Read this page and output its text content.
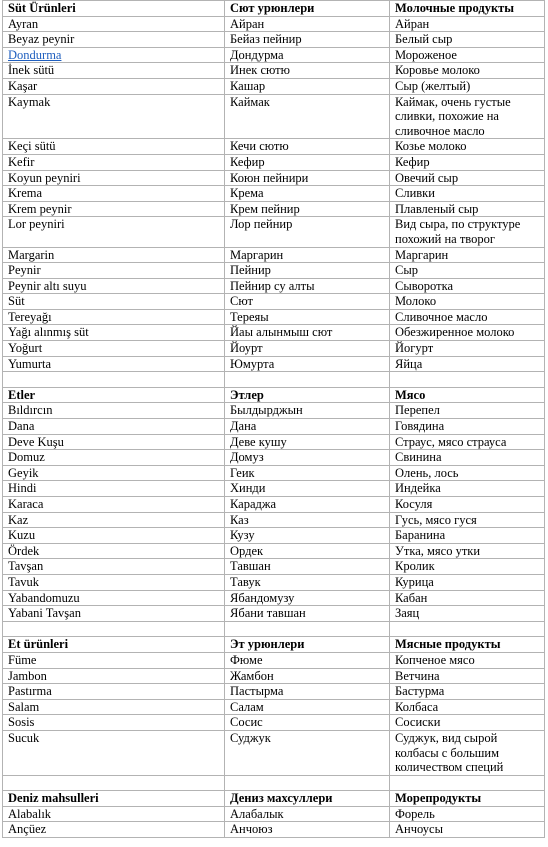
Süt Ürünleri	Сют урюнлери	Молочные продукты
Ayran	Айран	Айран
Beyaz peynir	Бейаз пейнир	Белый сыр
Dondurma	Дондурма	Мороженое
İnek sütü	Инек сютю	Коровье молоко
Kaşar	Кашар	Сыр (желтый)
Kaymak	Каймак	Каймак, очень густые сливки, похожие на сливочное масло
Keçi sütü	Кечи сютю	Козье молоко
Kefir	Кефир	Кефир
Koyun peyniri	Коюн пейнири	Овечий сыр
Krema	Крема	Сливки
Krem peynir	Крем пейнир	Плавленый сыр
Lor peyniri	Лор пейнир	Вид сыра, по структуре похожий на творог
Margarin	Маргарин	Маргарин
Peynir	Пейнир	Сыр
Peynir altı suyu	Пейнир су алты	Сыворотка
Süt	Сют	Молоко
Tereyağı	Тереяы	Сливочное масло
Yağı alınmış süt	Йаы алынмыш сют	Обезжиренное молоко
Yoğurt	Йоурт	Йогурт
Yumurta	Юмурта	Яйца

Etler	Этлер	Мясо
Bıldırcın	Былдырджын	Перепел
Dana	Дана	Говядина
Deve Kuşu	Деве кушу	Страус, мясо страуса
Domuz	Домуз	Свинина
Geyik	Геик	Олень, лось
Hindi	Хинди	Индейка
Karaca	Караджа	Косуля
Kaz	Каз	Гусь, мясо гуся
Kuzu	Кузу	Баранина
Ördek	Ордек	Утка, мясо утки
Tavşan	Тавшан	Кролик
Tavuk	Тавук	Курица
Yabandomuzu	Ябандомузу	Кабан
Yabani Tavşan	Ябани тавшан	Заяц

Et ürünleri	Эт урюнлери	Мясные продукты
Füme	Фюме	Копченое мясо
Jambon	Жамбон	Ветчина
Pastırma	Пастырма	Бастурма
Salam	Салам	Колбаса
Sosis	Сосис	Сосиски
Sucuk	Суджук	Суджук, вид сырой колбасы с большим количеством специй

Deniz mahsulleri	Дениз махсуллери	Морепродукты
Alabalık	Алабалык	Форель
Ançüez	Анчоюз	Анчоусы
